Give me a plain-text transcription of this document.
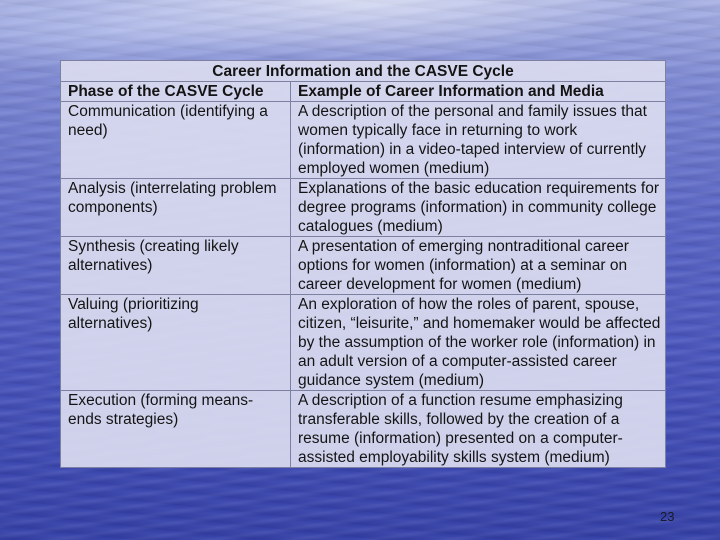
Career Information and the CASVE Cycle	
Phase of the CASVE Cycle	Example of Career Information and Media
Communication (identifying a need)	A description of the personal and family issues that women typically face in returning to work (information) in a video-taped interview of currently employed women (medium)
Analysis (interrelating problem components)	Explanations of the basic education requirements for degree programs (information) in community college catalogues (medium)
Synthesis (creating likely alternatives)	A presentation of emerging nontraditional career options for women (information) at a seminar on career development for women (medium)
Valuing (prioritizing alternatives)	An exploration of how the roles of parent, spouse, citizen, “leisurite,” and homemaker would be affected by the assumption of the worker role (information) in an adult version of a computer-assisted career guidance system (medium)
Execution (forming means-ends strategies)	A description of a function resume emphasizing transferable skills, followed by the creation of a resume (information) presented on a computer-assisted employability skills system (medium)
23
